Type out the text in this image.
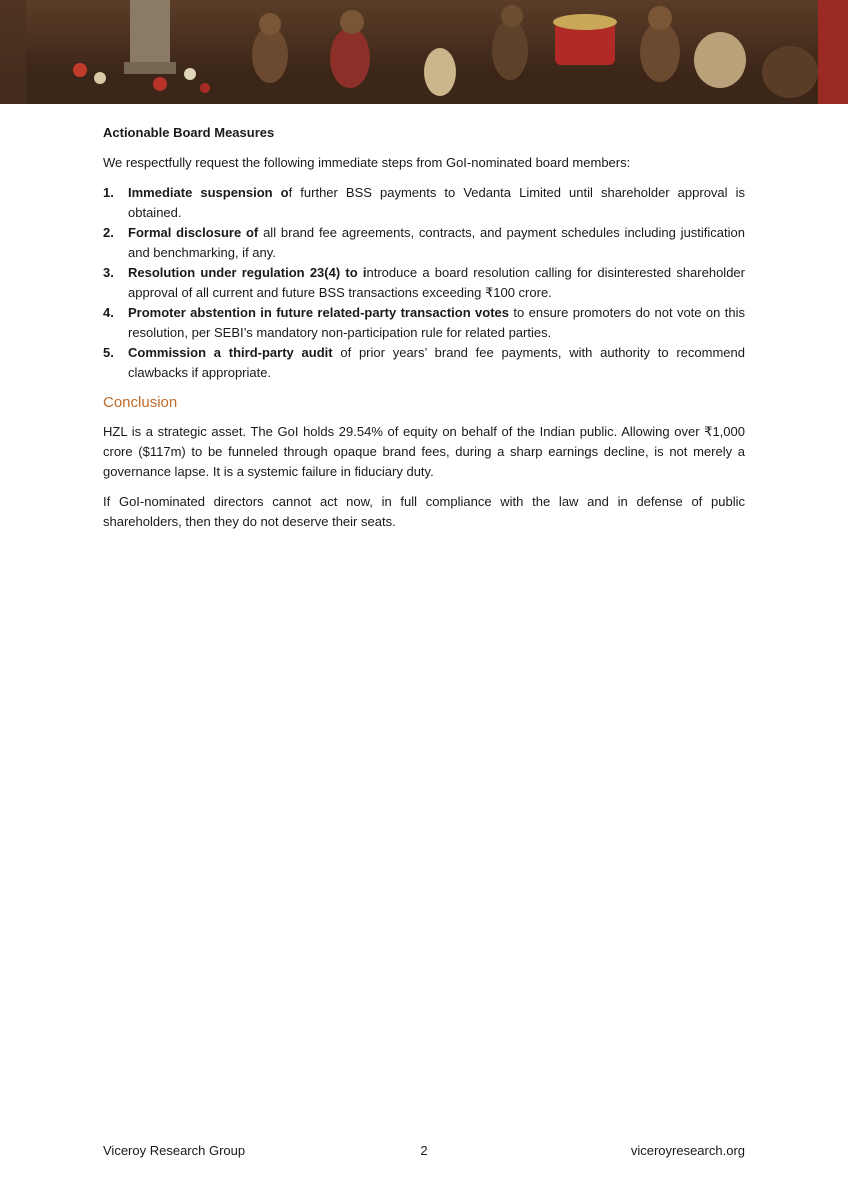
Actionable Board Measures

We respectfully request the following immediate steps from GoI-nominated board members:

1. Immediate suspension of further BSS payments to Vedanta Limited until shareholder approval is obtained.
2. Formal disclosure of all brand fee agreements, contracts, and payment schedules including justification and benchmarking, if any.
3. Resolution under regulation 23(4) to introduce a board resolution calling for disinterested shareholder approval of all current and future BSS transactions exceeding ₹100 crore.
4. Promoter abstention in future related-party transaction votes to ensure promoters do not vote on this resolution, per SEBI’s mandatory non-participation rule for related parties.
5. Commission a third-party audit of prior years’ brand fee payments, with authority to recommend clawbacks if appropriate.
Conclusion

HZL is a strategic asset. The GoI holds 29.54% of equity on behalf of the Indian public. Allowing over ₹1,000 crore ($117m) to be funneled through opaque brand fees, during a sharp earnings decline, is not merely a governance lapse. It is a systemic failure in fiduciary duty.

If GoI-nominated directors cannot act now, in full compliance with the law and in defense of public shareholders, then they do not deserve their seats.

Viceroy Research Group	2	viceroyresearch.org
